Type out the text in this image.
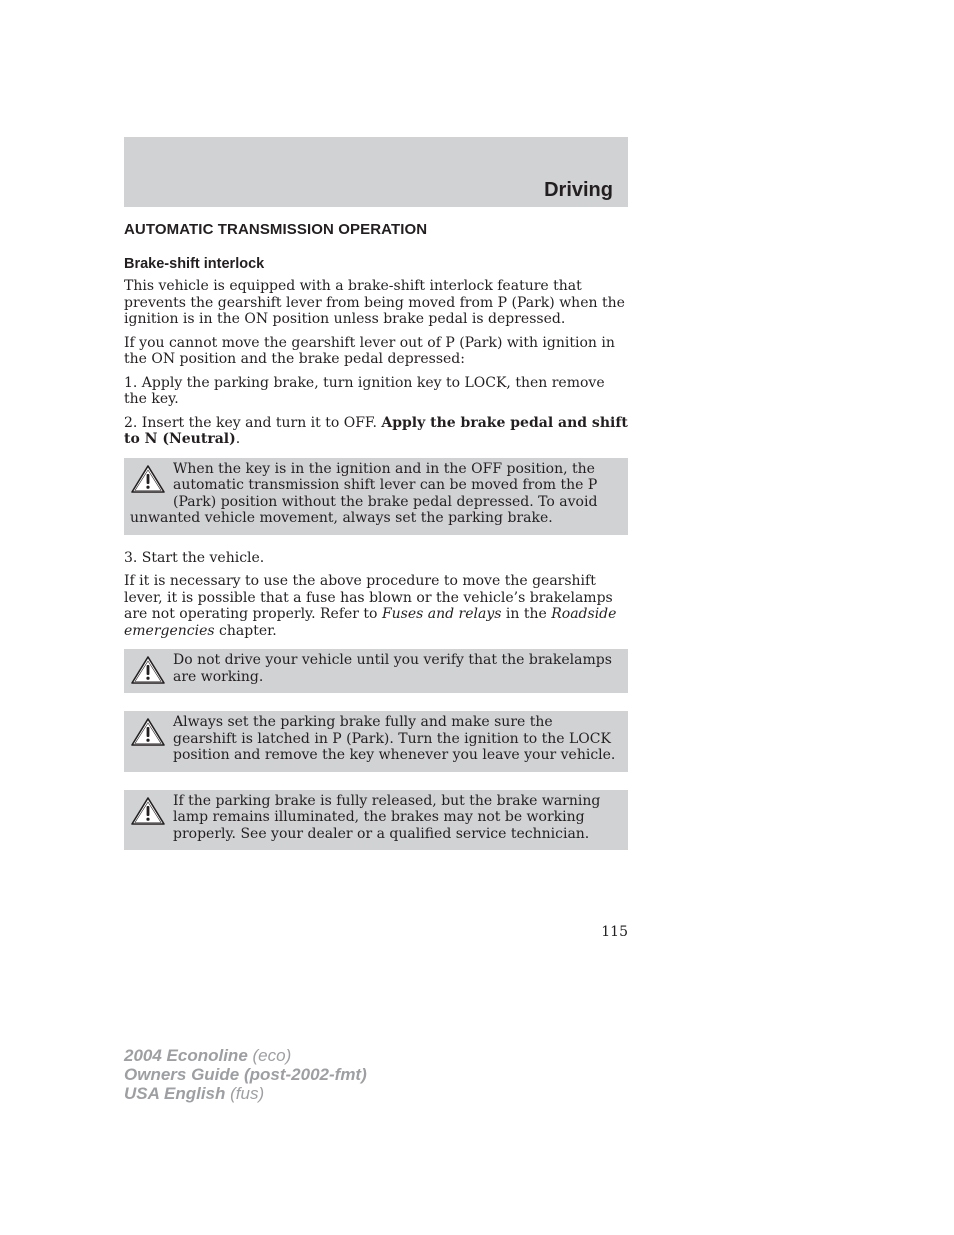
Driving
AUTOMATIC TRANSMISSION OPERATION
Brake-shift interlock

This vehicle is equipped with a brake-shift interlock feature that prevents the gearshift lever from being moved from P (Park) when the ignition is in the ON position unless brake pedal is depressed.

If you cannot move the gearshift lever out of P (Park) with ignition in the ON position and the brake pedal depressed:

1. Apply the parking brake, turn ignition key to LOCK, then remove the key.

2. Insert the key and turn it to OFF. Apply the brake pedal and shift to N (Neutral).

When the key is in the ignition and in the OFF position, the automatic transmission shift lever can be moved from the P (Park) position without the brake pedal depressed. To avoid unwanted vehicle movement, always set the parking brake.

3. Start the vehicle.

If it is necessary to use the above procedure to move the gearshift lever, it is possible that a fuse has blown or the vehicle’s brakelamps are not operating properly. Refer to Fuses and relays in the Roadside emergencies chapter.

Do not drive your vehicle until you verify that the brakelamps are working.
Always set the parking brake fully and make sure the gearshift is latched in P (Park). Turn the ignition to the LOCK position and remove the key whenever you leave your vehicle.
If the parking brake is fully released, but the brake warning lamp remains illuminated, the brakes may not be working properly. See your dealer or a qualified service technician.
115
2004 Econoline (eco)
Owners Guide (post-2002-fmt)
USA English (fus)
